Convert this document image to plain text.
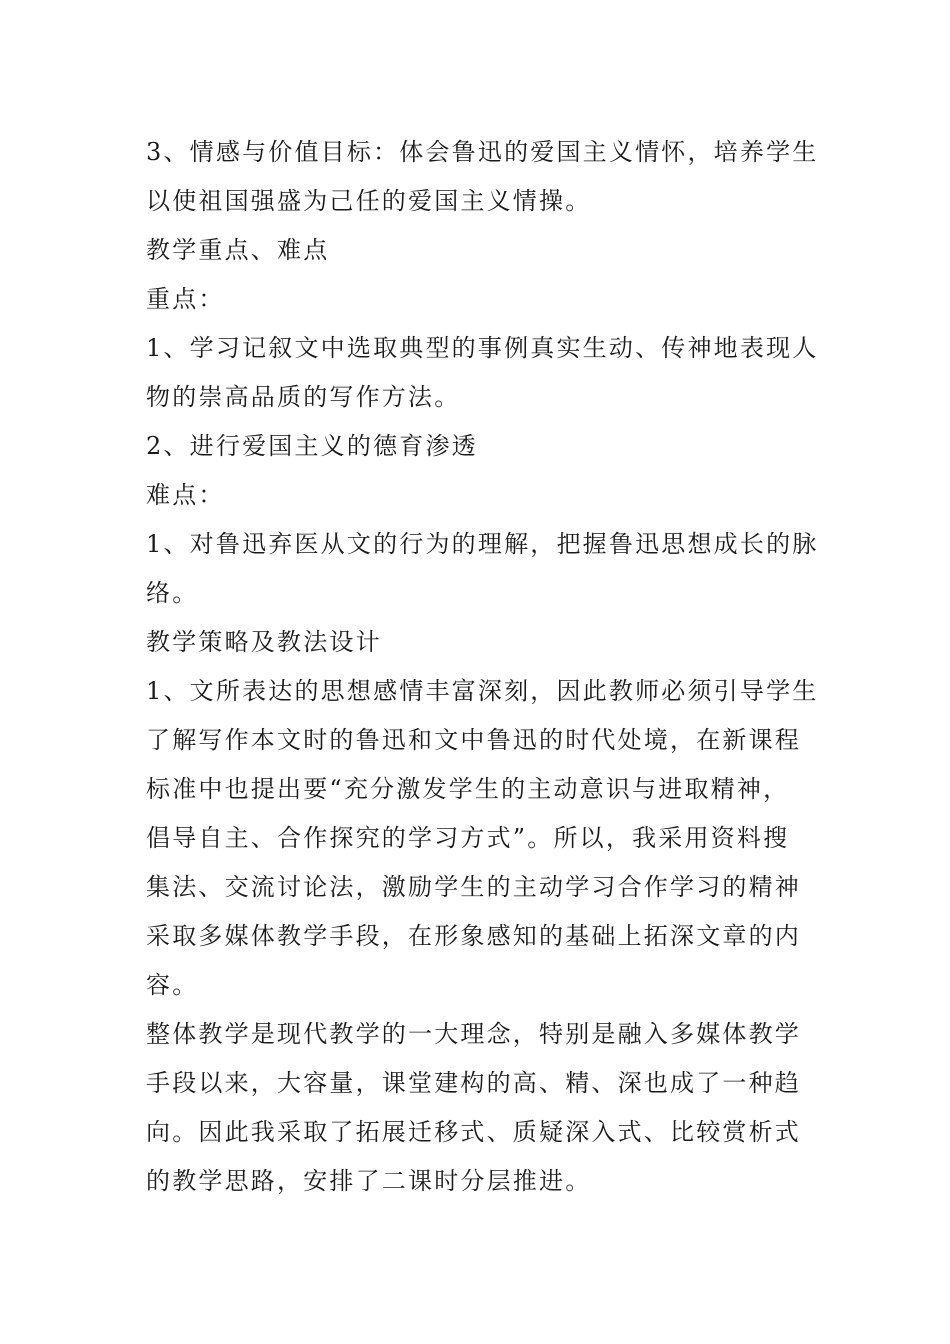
3、情感与价值目标：体会鲁迅的爱国主义情怀，培养学生
以使祖国强盛为己任的爱国主义情操。
教学重点、难点
重点：
1、学习记叙文中选取典型的事例真实生动、传神地表现人
物的崇高品质的写作方法。
2、进行爱国主义的德育渗透
难点：
1、对鲁迅弃医从文的行为的理解，把握鲁迅思想成长的脉
络。
教学策略及教法设计
1、文所表达的思想感情丰富深刻，因此教师必须引导学生
了解写作本文时的鲁迅和文中鲁迅的时代处境，在新课程
标准中也提出要“充分激发学生的主动意识与进取精神，
倡导自主、合作探究的学习方式”。所以，我采用资料搜
集法、交流讨论法，激励学生的主动学习合作学习的精神
采取多媒体教学手段，在形象感知的基础上拓深文章的内
容。
整体教学是现代教学的一大理念，特别是融入多媒体教学
手段以来，大容量，课堂建构的高、精、深也成了一种趋
向。因此我采取了拓展迁移式、质疑深入式、比较赏析式
的教学思路，安排了二课时分层推进。
